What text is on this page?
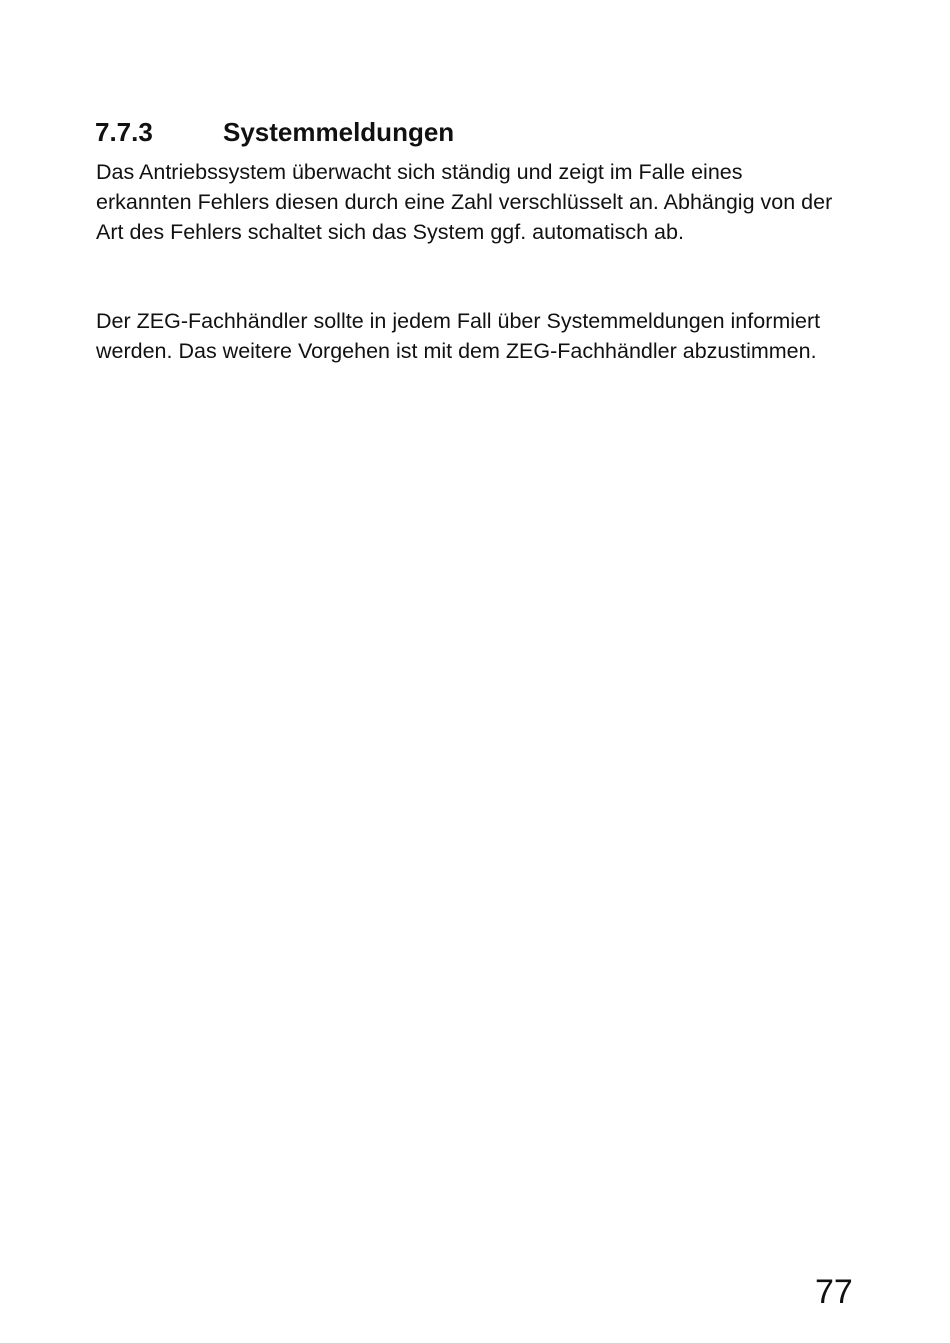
7.7.3	Systemmeldungen

Das Antriebssystem überwacht sich ständig und zeigt im Falle eines erkannten Fehlers diesen durch eine Zahl verschlüsselt an. Abhängig von der Art des Fehlers schaltet sich das System ggf. automatisch ab.

Der ZEG-Fachhändler sollte in jedem Fall über Systemmeldungen informiert werden. Das weitere Vorgehen ist mit dem ZEG-Fachhändler abzustimmen.

77
